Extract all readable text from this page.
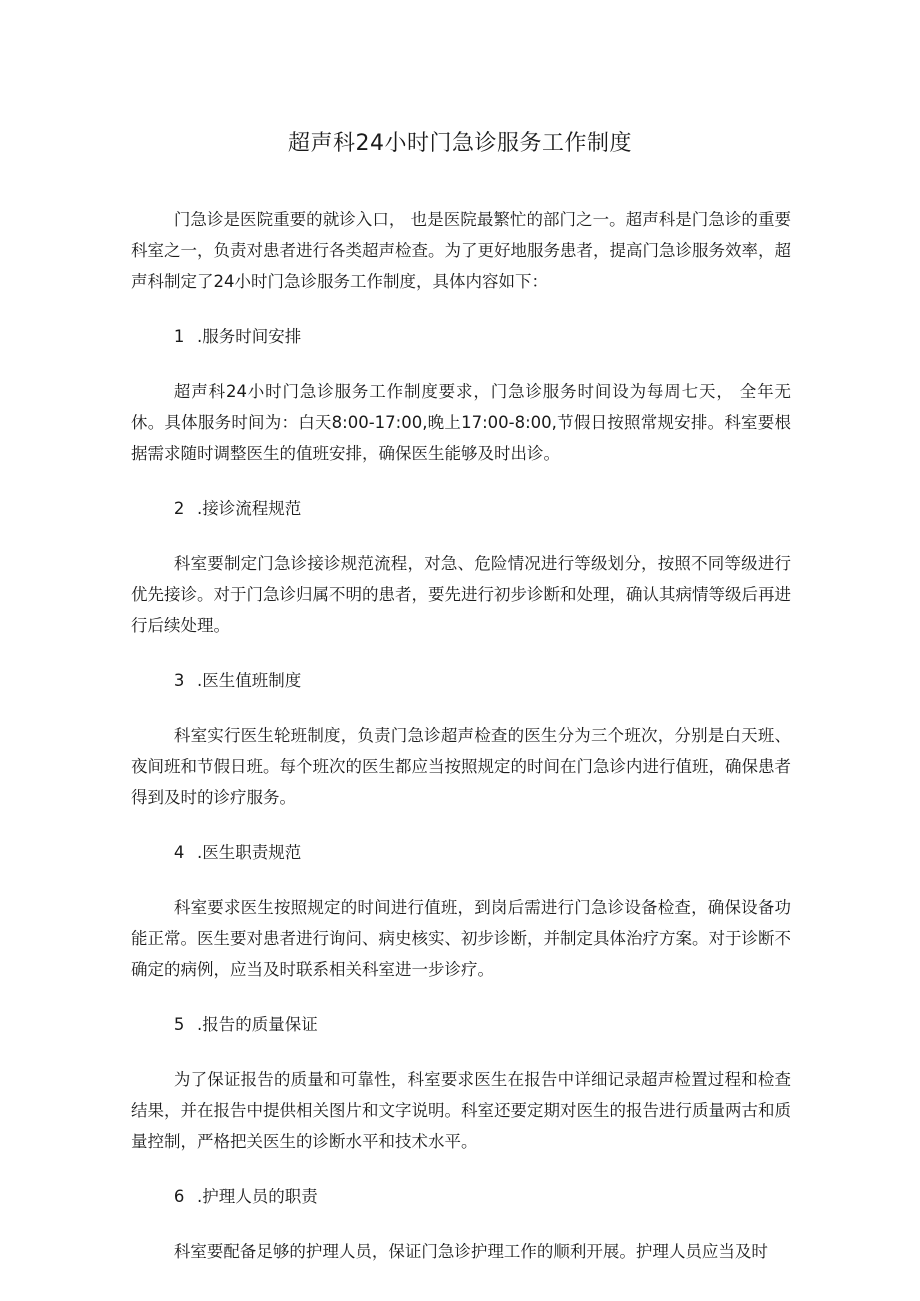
超声科24小时门急诊服务工作制度

门急诊是医院重要的就诊入口， 也是医院最繁忙的部门之一。超声科是门急诊的重要科室之一，负责对患者进行各类超声检查。为了更好地服务患者，提高门急诊服务效率，超声科制定了24小时门急诊服务工作制度，具体内容如下：

1 .服务时间安排

超声科24小时门急诊服务工作制度要求，门急诊服务时间设为每周七天， 全年无休。具体服务时间为：白天8:00-17:00,晚上17:00-8:00,节假日按照常规安排。科室要根据需求随时调整医生的值班安排，确保医生能够及时出诊。

2 .接诊流程规范

科室要制定门急诊接诊规范流程，对急、危险情况进行等级划分，按照不同等级进行优先接诊。对于门急诊归属不明的患者，要先进行初步诊断和处理，确认其病情等级后再进行后续处理。

3 .医生值班制度

科室实行医生轮班制度，负责门急诊超声检查的医生分为三个班次，分别是白天班、夜间班和节假日班。每个班次的医生都应当按照规定的时间在门急诊内进行值班，确保患者得到及时的诊疗服务。

4 .医生职责规范

科室要求医生按照规定的时间进行值班，到岗后需进行门急诊设备检查，确保设备功能正常。医生要对患者进行询问、病史核实、初步诊断，并制定具体治疗方案。对于诊断不确定的病例，应当及时联系相关科室进一步诊疗。

5 .报告的质量保证

为了保证报告的质量和可靠性，科室要求医生在报告中详细记录超声检置过程和检查结果，并在报告中提供相关图片和文字说明。科室还要定期对医生的报告进行质量两古和质量控制，严格把关医生的诊断水平和技术水平。

6 .护理人员的职责

科室要配备足够的护理人员，保证门急诊护理工作的顺利开展。护理人员应当及时
